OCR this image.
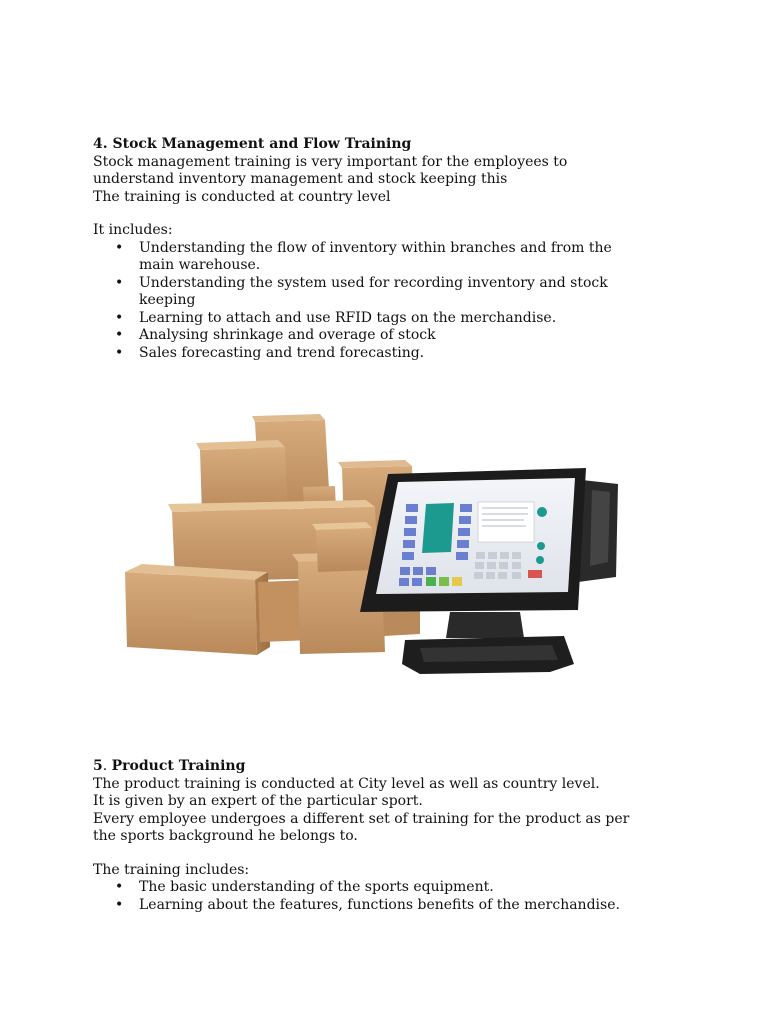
4. Stock Management and Flow Training

Stock management training is very important for the employees to

understand inventory management and stock keeping this

The training is conducted at country level

It includes:

• Understanding the flow of inventory within branches and from the main warehouse.
• Understanding the system used for recording inventory and stock keeping
• Learning to attach and use RFID tags on the merchandise.
• Analysing shrinkage and overage of stock
• Sales forecasting and trend forecasting.

5. Product Training

The product training is conducted at City level as well as country level.

It is given by an expert of the particular sport.

Every employee undergoes a different set of training for the product as per

the sports background he belongs to.

The training includes:

• The basic understanding of the sports equipment.
• Learning about the features, functions benefits of the merchandise.
